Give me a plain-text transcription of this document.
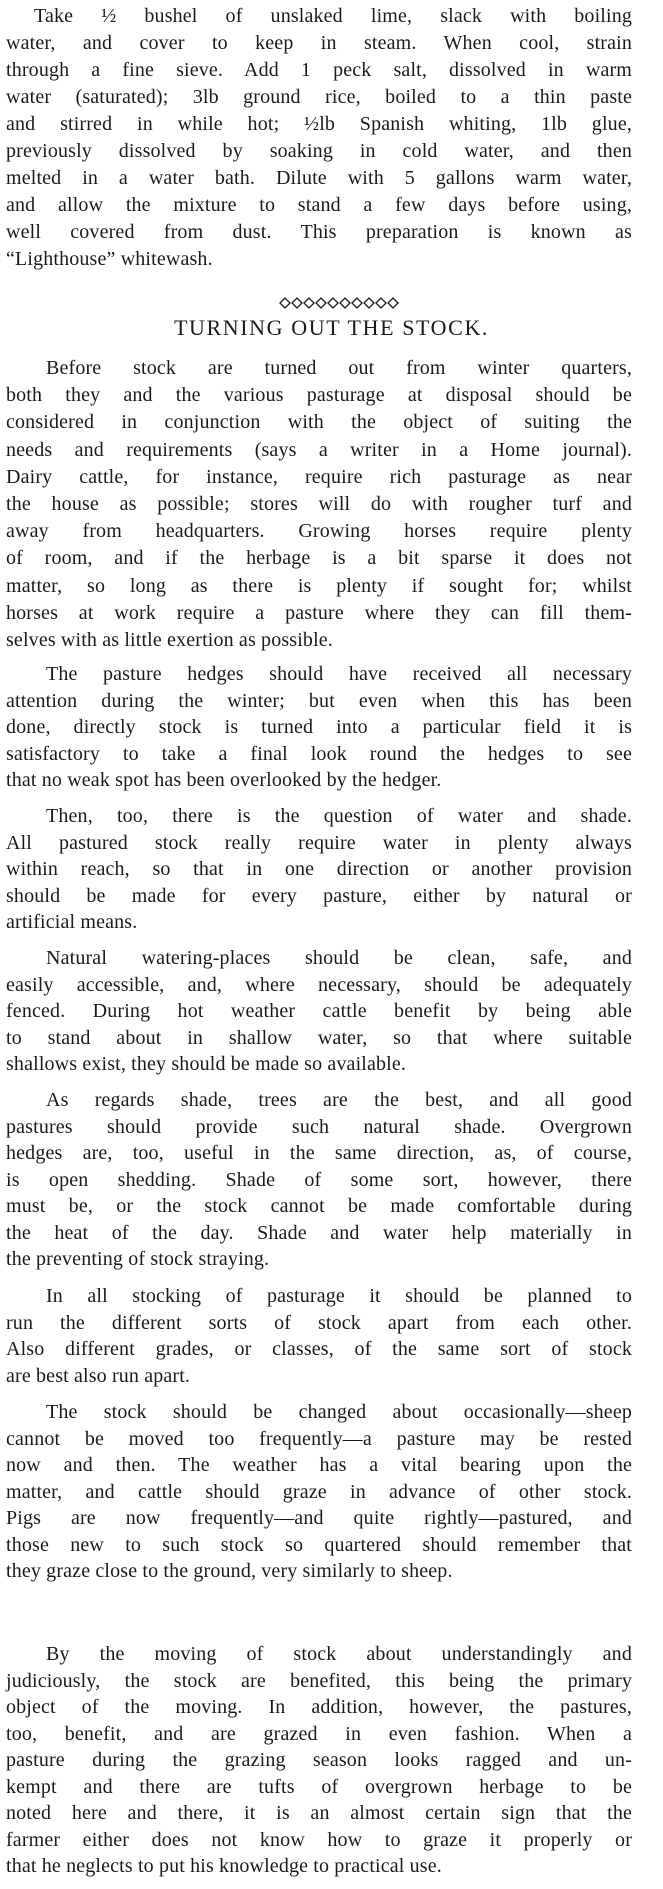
Take ½ bushel of unslaked lime, slack with boiling
water, and cover to keep in steam. When cool, strain
through a fine sieve. Add 1 peck salt, dissolved in warm
water (saturated); 3lb ground rice, boiled to a thin paste
and stirred in while hot; ½lb Spanish whiting, 1lb glue,
previously dissolved by soaking in cold water, and then
melted in a water bath. Dilute with 5 gallons warm water,
and allow the mixture to stand a few days before using,
well covered from dust. This preparation is known as
“Lighthouse” whitewash.
TURNING OUT THE STOCK.
Before stock are turned out from winter quarters,
both they and the various pasturage at disposal should be
considered in conjunction with the object of suiting the
needs and requirements (says a writer in a Home journal).
Dairy cattle, for instance, require rich pasturage as near
the house as possible; stores will do with rougher turf and
away from headquarters. Growing horses require plenty
of room, and if the herbage is a bit sparse it does not
matter, so long as there is plenty if sought for; whilst
horses at work require a pasture where they can fill them-
selves with as little exertion as possible.
The pasture hedges should have received all necessary
attention during the winter; but even when this has been
done, directly stock is turned into a particular field it is
satisfactory to take a final look round the hedges to see
that no weak spot has been overlooked by the hedger.
Then, too, there is the question of water and shade.
All pastured stock really require water in plenty always
within reach, so that in one direction or another provision
should be made for every pasture, either by natural or
artificial means.
Natural watering-places should be clean, safe, and
easily accessible, and, where necessary, should be adequately
fenced. During hot weather cattle benefit by being able
to stand about in shallow water, so that where suitable
shallows exist, they should be made so available.
As regards shade, trees are the best, and all good
pastures should provide such natural shade. Overgrown
hedges are, too, useful in the same direction, as, of course,
is open shedding. Shade of some sort, however, there
must be, or the stock cannot be made comfortable during
the heat of the day. Shade and water help materially in
the preventing of stock straying.
In all stocking of pasturage it should be planned to
run the different sorts of stock apart from each other.
Also different grades, or classes, of the same sort of stock
are best also run apart.
The stock should be changed about occasionally—sheep
cannot be moved too frequently—a pasture may be rested
now and then. The weather has a vital bearing upon the
matter, and cattle should graze in advance of other stock.
Pigs are now frequently—and quite rightly—pastured, and
those new to such stock so quartered should remember that
they graze close to the ground, very similarly to sheep.
By the moving of stock about understandingly and
judiciously, the stock are benefited, this being the primary
object of the moving. In addition, however, the pastures,
too, benefit, and are grazed in even fashion. When a
pasture during the grazing season looks ragged and un-
kempt and there are tufts of overgrown herbage to be
noted here and there, it is an almost certain sign that the
farmer either does not know how to graze it properly or
that he neglects to put his knowledge to practical use.
